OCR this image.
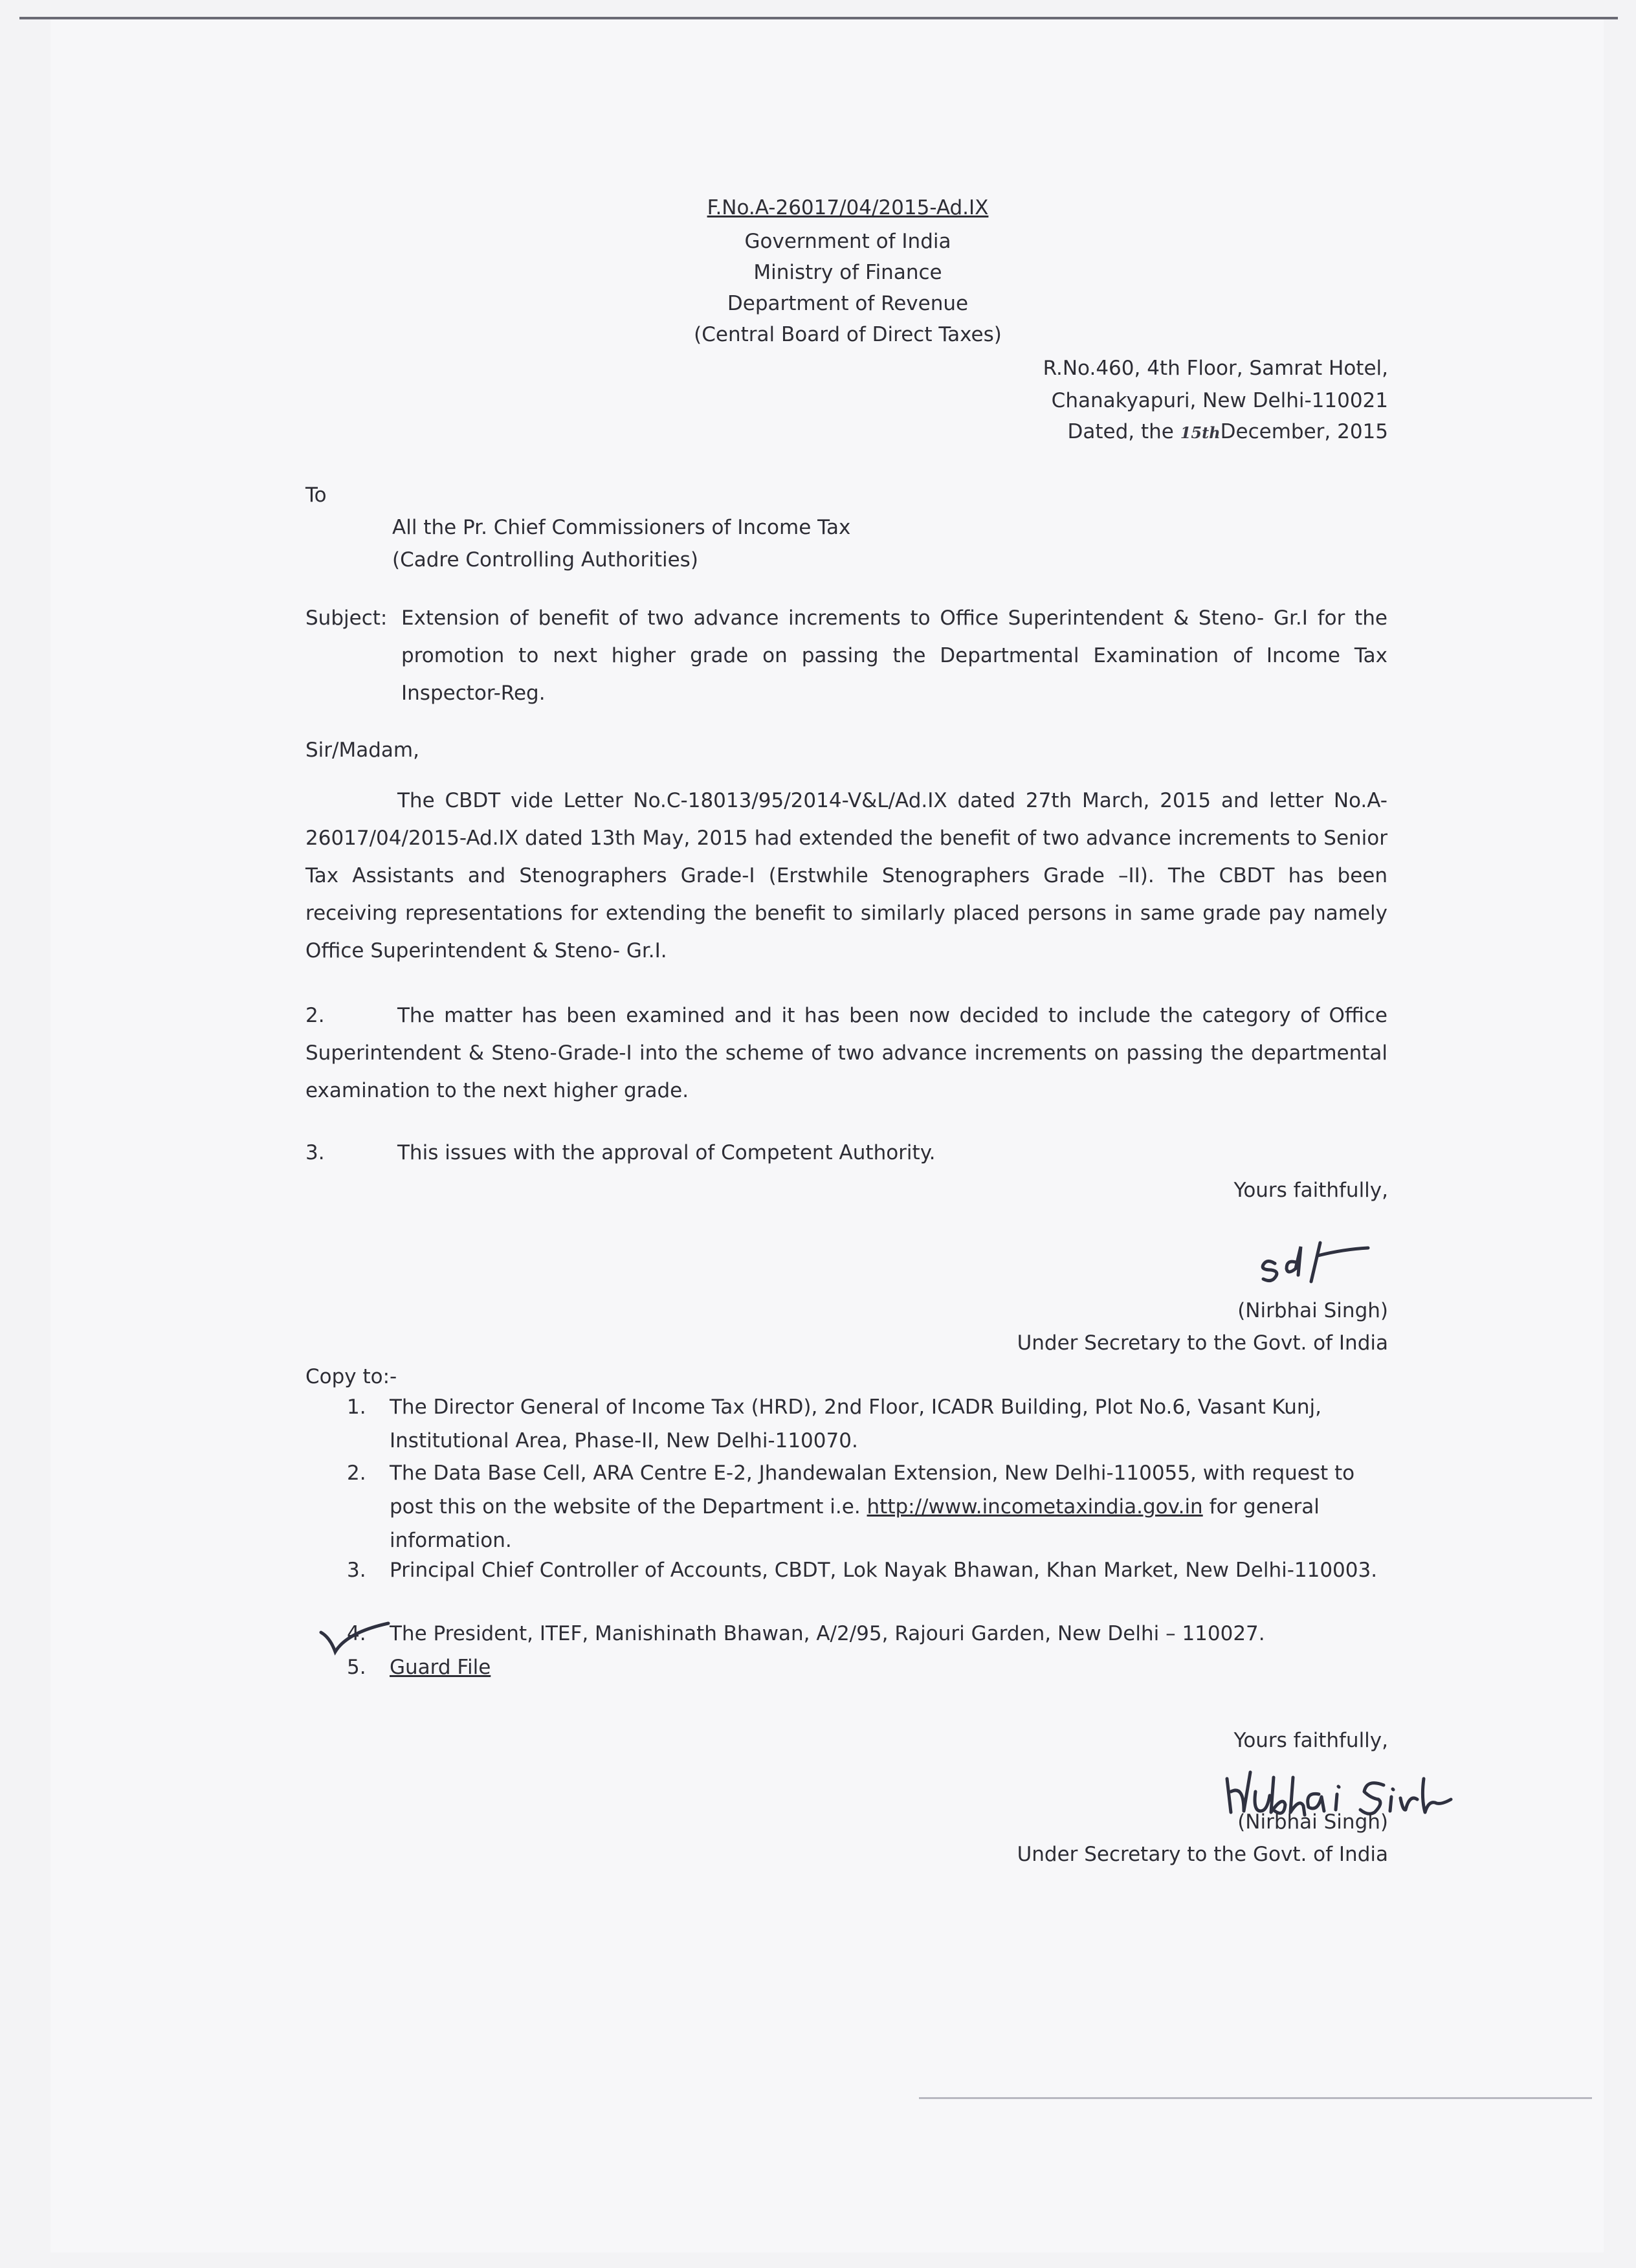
F.No.A-26017/04/2015-Ad.IX
Government of India
Ministry of Finance
Department of Revenue
(Central Board of Direct Taxes)
R.No.460, 4th Floor, Samrat Hotel,
Chanakyapuri, New Delhi-110021
Dated, the 15thDecember, 2015
To
All the Pr. Chief Commissioners of Income Tax
(Cadre Controlling Authorities)
Subject: Extension of benefit of two advance increments to Office Superintendent & Steno- Gr.I for the promotion to next higher grade on passing the Departmental Examination of Income Tax Inspector-Reg.
Sir/Madam,
The CBDT vide Letter No.C-18013/95/2014-V&L/Ad.IX dated 27th March, 2015 and letter No.A-26017/04/2015-Ad.IX dated 13th May, 2015 had extended the benefit of two advance increments to Senior Tax Assistants and Stenographers Grade-I (Erstwhile Stenographers Grade –II). The CBDT has been receiving representations for extending the benefit to similarly placed persons in same grade pay namely Office Superintendent & Steno- Gr.I.
2.	The matter has been examined and it has been now decided to include the category of Office Superintendent & Steno-Grade-I into the scheme of two advance increments on passing the departmental examination to the next higher grade.
3.	This issues with the approval of Competent Authority.
Yours faithfully,
(Nirbhai Singh)
Under Secretary to the Govt. of India
Copy to:-
1. The Director General of Income Tax (HRD), 2nd Floor, ICADR Building, Plot No.6, Vasant Kunj, Institutional Area, Phase-II, New Delhi-110070.
2. The Data Base Cell, ARA Centre E-2, Jhandewalan Extension, New Delhi-110055, with request to post this on the website of the Department i.e. http://www.incometaxindia.gov.in for general information.
3. Principal Chief Controller of Accounts, CBDT, Lok Nayak Bhawan, Khan Market, New Delhi-110003.
4. The President, ITEF, Manishinath Bhawan, A/2/95, Rajouri Garden, New Delhi – 110027.
5. Guard File
Yours faithfully,
(Nirbhai Singh)
Under Secretary to the Govt. of India
